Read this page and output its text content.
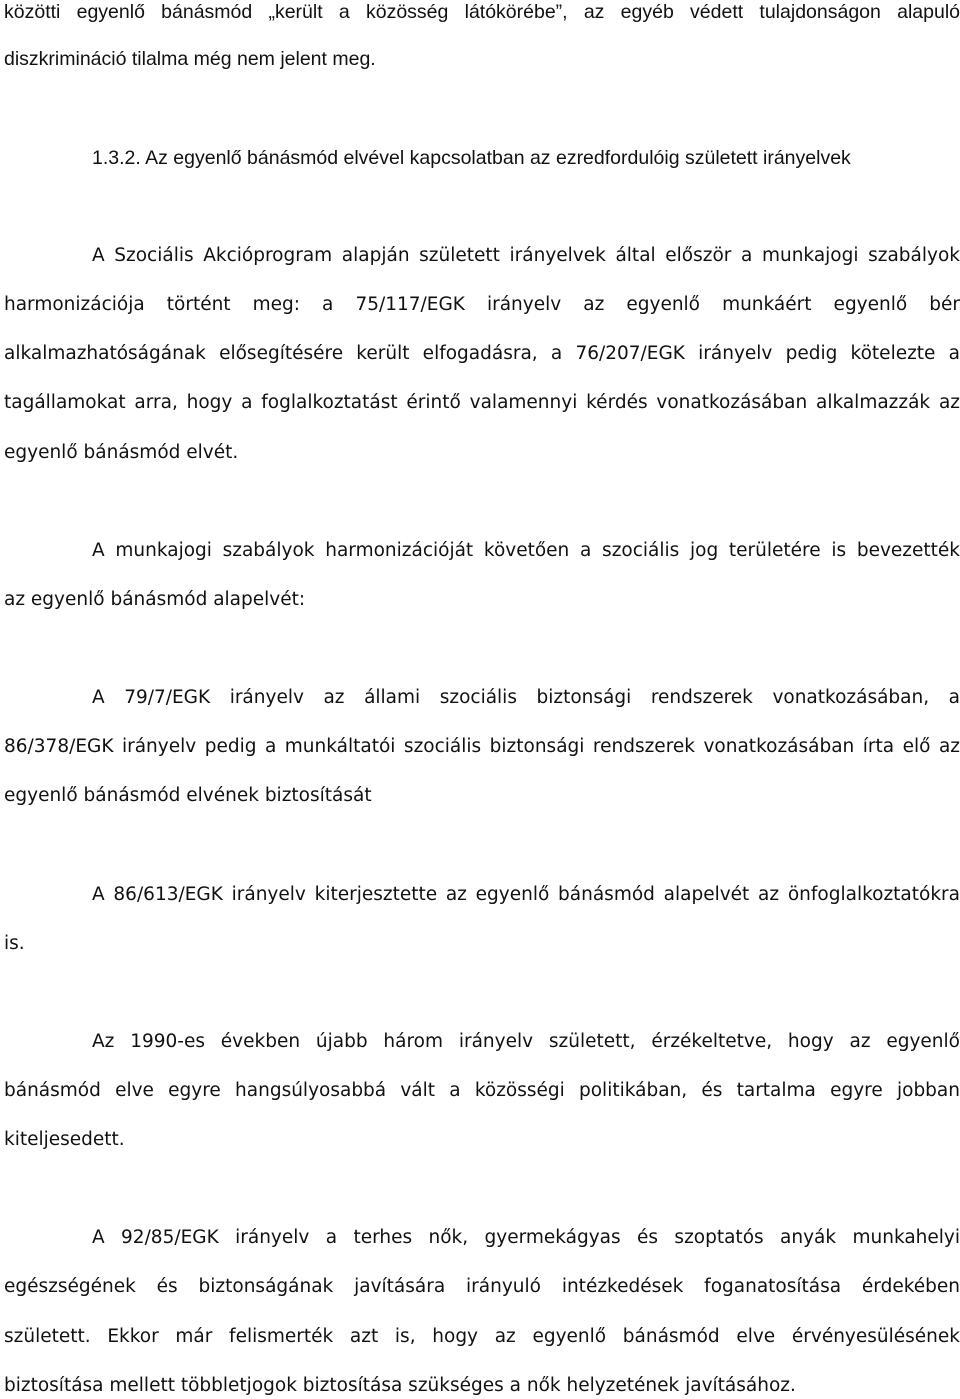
közötti egyenlő bánásmód „került a közösség látókörébe”, az egyéb védett tulajdonságon alapuló
diszkrimináció tilalma még nem jelent meg.
1.3.2. Az egyenlő bánásmód elvével kapcsolatban az ezredfordulóig született irányelvek
A Szociális Akcióprogram alapján született irányelvek által először a munkajogi szabályok
harmonizációja történt meg: a 75/117/EGK irányelv az egyenlő munkáért egyenlő bér
alkalmazhatóságának elősegítésére került elfogadásra, a 76/207/EGK irányelv pedig kötelezte a
tagállamokat arra, hogy a foglalkoztatást érintő valamennyi kérdés vonatkozásában alkalmazzák az
egyenlő bánásmód elvét.
A munkajogi szabályok harmonizációját követően a szociális jog területére is bevezették
az egyenlő bánásmód alapelvét:
A 79/7/EGK irányelv az állami szociális biztonsági rendszerek vonatkozásában, a
86/378/EGK irányelv pedig a munkáltatói szociális biztonsági rendszerek vonatkozásában írta elő az
egyenlő bánásmód elvének biztosítását
A 86/613/EGK irányelv kiterjesztette az egyenlő bánásmód alapelvét az önfoglalkoztatókra
is.
Az 1990-es években újabb három irányelv született, érzékeltetve, hogy az egyenlő
bánásmód elve egyre hangsúlyosabbá vált a közösségi politikában, és tartalma egyre jobban
kiteljesedett.
A 92/85/EGK irányelv a terhes nők, gyermekágyas és szoptatós anyák munkahelyi
egészségének és biztonságának javítására irányuló intézkedések foganatosítása érdekében
született. Ekkor már felismerték azt is, hogy az egyenlő bánásmód elve érvényesülésének
biztosítása mellett többletjogok biztosítása szükséges a nők helyzetének javításához.
